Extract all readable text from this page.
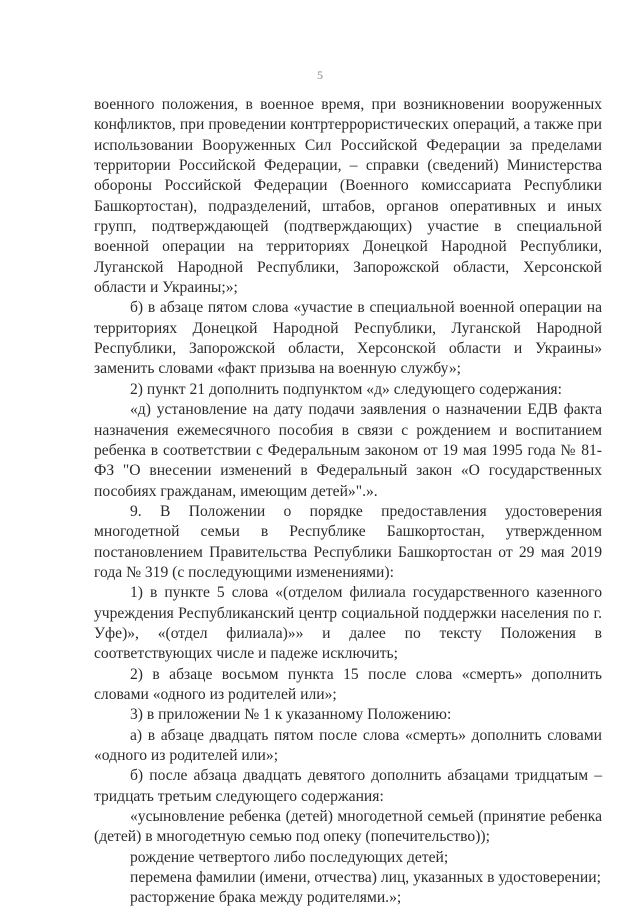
5

военного положения, в военное время, при возникновении вооруженных конфликтов, при проведении контртеррористических операций, а также при использовании Вооруженных Сил Российской Федерации за пределами территории Российской Федерации, – справки (сведений) Министерства обороны Российской Федерации (Военного комиссариата Республики Башкортостан), подразделений, штабов, органов оперативных и иных групп, подтверждающей (подтверждающих) участие в специальной военной операции на территориях Донецкой Народной Республики, Луганской Народной Республики, Запорожской области, Херсонской области и Украины;»;

б) в абзаце пятом слова «участие в специальной военной операции на территориях Донецкой Народной Республики, Луганской Народной Республики, Запорожской области, Херсонской области и Украины» заменить словами «факт призыва на военную службу»;

2) пункт 21 дополнить подпунктом «д» следующего содержания:

«д) установление на дату подачи заявления о назначении ЕДВ факта назначения ежемесячного пособия в связи с рождением и воспитанием ребенка в соответствии с Федеральным законом от 19 мая 1995 года № 81-ФЗ "О внесении изменений в Федеральный закон «О государственных пособиях гражданам, имеющим детей»".».

9. В Положении о порядке предоставления удостоверения многодетной семьи в Республике Башкортостан, утвержденном постановлением Правительства Республики Башкортостан от 29 мая 2019 года № 319 (с последующими изменениями):

1) в пункте 5 слова «(отделом филиала государственного казенного учреждения Республиканский центр социальной поддержки населения по г. Уфе)», «(отдел филиала)»» и далее по тексту Положения в соответствующих числе и падеже исключить;

2) в абзаце восьмом пункта 15 после слова «смерть» дополнить словами «одного из родителей или»;

3) в приложении № 1 к указанному Положению:

а) в абзаце двадцать пятом после слова «смерть» дополнить словами «одного из родителей или»;

б) после абзаца двадцать девятого дополнить абзацами тридцатым – тридцать третьим следующего содержания:

«усыновление ребенка (детей) многодетной семьей (принятие ребенка (детей) в многодетную семью под опеку (попечительство));

рождение четвертого либо последующих детей;

перемена фамилии (имени, отчества) лиц, указанных в удостоверении;

расторжение брака между родителями.»;
